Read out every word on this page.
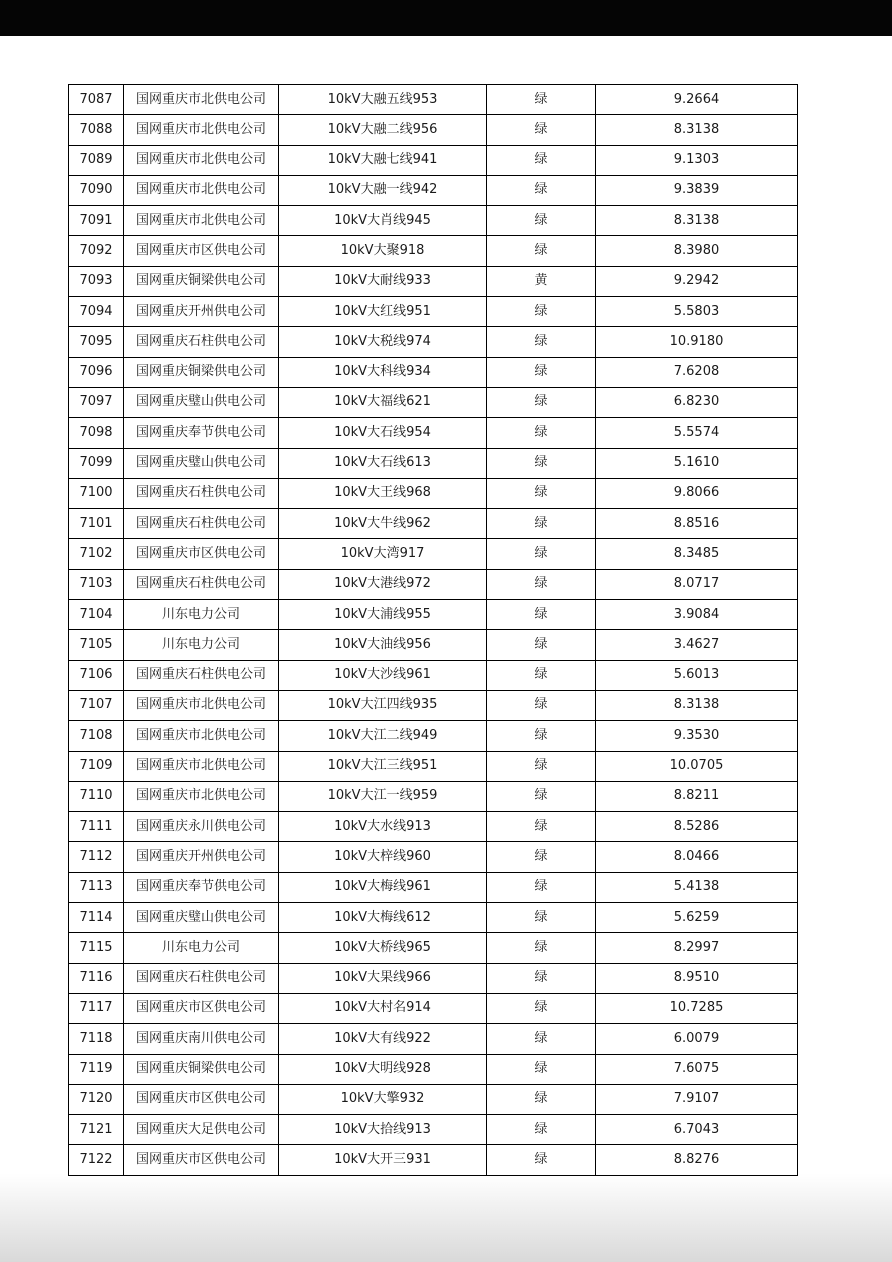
7087	国网重庆市北供电公司	10kV大融五线953	绿	9.2664
7088	国网重庆市北供电公司	10kV大融二线956	绿	8.3138
7089	国网重庆市北供电公司	10kV大融七线941	绿	9.1303
7090	国网重庆市北供电公司	10kV大融一线942	绿	9.3839
7091	国网重庆市北供电公司	10kV大肖线945	绿	8.3138
7092	国网重庆市区供电公司	10kV大聚918	绿	8.3980
7093	国网重庆铜梁供电公司	10kV大耐线933	黄	9.2942
7094	国网重庆开州供电公司	10kV大红线951	绿	5.5803
7095	国网重庆石柱供电公司	10kV大税线974	绿	10.9180
7096	国网重庆铜梁供电公司	10kV大科线934	绿	7.6208
7097	国网重庆璧山供电公司	10kV大福线621	绿	6.8230
7098	国网重庆奉节供电公司	10kV大石线954	绿	5.5574
7099	国网重庆璧山供电公司	10kV大石线613	绿	5.1610
7100	国网重庆石柱供电公司	10kV大王线968	绿	9.8066
7101	国网重庆石柱供电公司	10kV大牛线962	绿	8.8516
7102	国网重庆市区供电公司	10kV大湾917	绿	8.3485
7103	国网重庆石柱供电公司	10kV大港线972	绿	8.0717
7104	川东电力公司	10kV大浦线955	绿	3.9084
7105	川东电力公司	10kV大油线956	绿	3.4627
7106	国网重庆石柱供电公司	10kV大沙线961	绿	5.6013
7107	国网重庆市北供电公司	10kV大江四线935	绿	8.3138
7108	国网重庆市北供电公司	10kV大江二线949	绿	9.3530
7109	国网重庆市北供电公司	10kV大江三线951	绿	10.0705
7110	国网重庆市北供电公司	10kV大江一线959	绿	8.8211
7111	国网重庆永川供电公司	10kV大水线913	绿	8.5286
7112	国网重庆开州供电公司	10kV大梓线960	绿	8.0466
7113	国网重庆奉节供电公司	10kV大梅线961	绿	5.4138
7114	国网重庆璧山供电公司	10kV大梅线612	绿	5.6259
7115	川东电力公司	10kV大桥线965	绿	8.2997
7116	国网重庆石柱供电公司	10kV大果线966	绿	8.9510
7117	国网重庆市区供电公司	10kV大村名914	绿	10.7285
7118	国网重庆南川供电公司	10kV大有线922	绿	6.0079
7119	国网重庆铜梁供电公司	10kV大明线928	绿	7.6075
7120	国网重庆市区供电公司	10kV大擎932	绿	7.9107
7121	国网重庆大足供电公司	10kV大拾线913	绿	6.7043
7122	国网重庆市区供电公司	10kV大开三931	绿	8.8276
